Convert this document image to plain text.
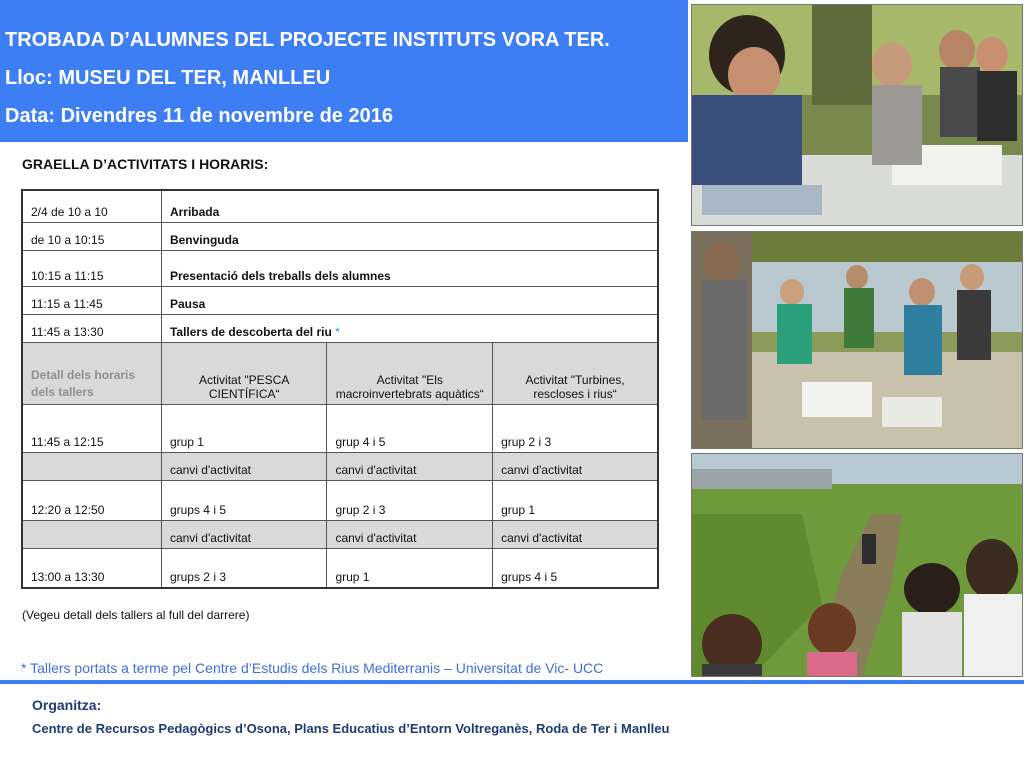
TROBADA D’ALUMNES DEL PROJECTE INSTITUTS VORA TER.
Lloc: MUSEU DEL TER, MANLLEU
Data: Divendres 11 de novembre de 2016
GRAELLA D’ACTIVITATS I HORARIS:
2/4 de 10 a 10	Arribada		
de 10 a 10:15	Benvinguda		
10:15 a 11:15	Presentació dels treballs dels alumnes		
11:15 a 11:45	Pausa		
11:45 a 13:30	Tallers de descoberta del riu *		
Detall dels horaris dels tallers	Activitat "PESCA CIENTÍFICA“	Activitat "Els macroinvertebrats aquàtics“	Activitat "Turbines, rescloses i rius“
11:45 a 12:15	grup 1	grup 4 i 5	grup 2 i 3
	canvi d'activitat	canvi d'activitat	canvi d'activitat
12:20 a 12:50	grups 4 i 5	grup 2 i 3	grup 1
	canvi d'activitat	canvi d'activitat	canvi d'activitat
13:00 a 13:30	grups 2 i 3	grup 1	grups 4 i 5
(Vegeu detall dels tallers al full del darrere)
* Tallers portats a terme pel Centre d’Estudis dels Rius Mediterranis – Universitat de Vic- UCC
Organitza:
Centre de Recursos Pedagògics d’Osona, Plans Educatius d’Entorn Voltreganès, Roda de Ter i Manlleu
